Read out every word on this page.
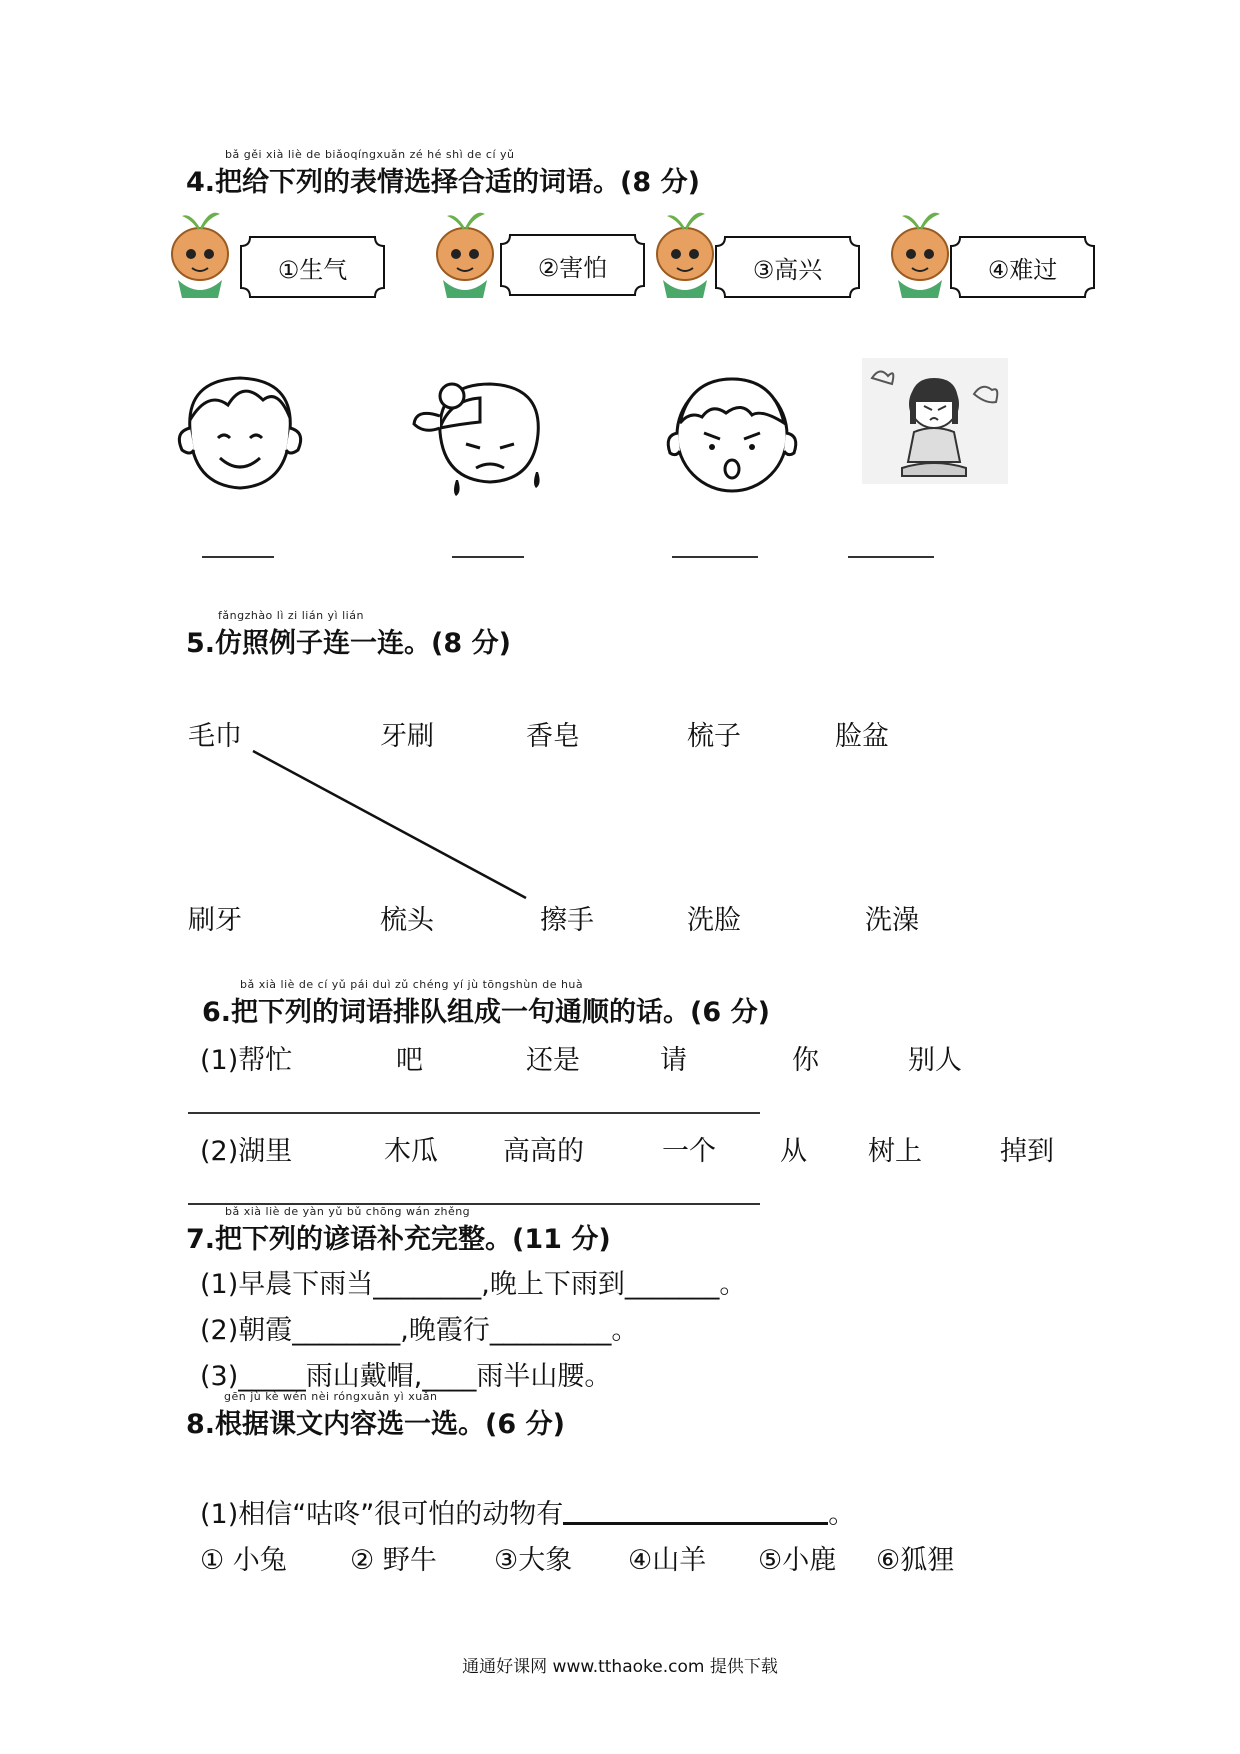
bǎ gěi xià liè de biǎoqíngxuǎn zé hé shì de cí yǔ
4.把给下列的表情选择合适的词语。(8 分)
①生气	②害怕	③高兴	④难过
fǎngzhào lì zi lián yì lián
5.仿照例子连一连。(8 分)
毛巾	牙刷	香皂	梳子	脸盆
刷牙	梳头	擦手	洗脸	洗澡
bǎ xià liè de cí yǔ pái duì zǔ chéng yí jù tōngshùn de huà
6.把下列的词语排队组成一句通顺的话。(6 分)
(1)帮忙	吧	还是	请	你	别人
(2)湖里	木瓜 高高的	一个 从 树上	掉到
bǎ xià liè de yàn yǔ bǔ chōng wán zhěng
7.把下列的谚语补充完整。(11 分)
(1)早晨下雨当________,晚上下雨到_______。
(2)朝霞________,晚霞行_________。
(3)_____雨山戴帽,____雨半山腰。
gēn jù kè wén nèi róngxuǎn yì xuǎn
8.根据课文内容选一选。(6 分)
(1)相信“咕咚”很可怕的动物有	。
① 小兔 ② 野牛 ③大象 ④山羊 ⑤小鹿 ⑥狐狸
通通好课网 www.tthaoke.com 提供下载
